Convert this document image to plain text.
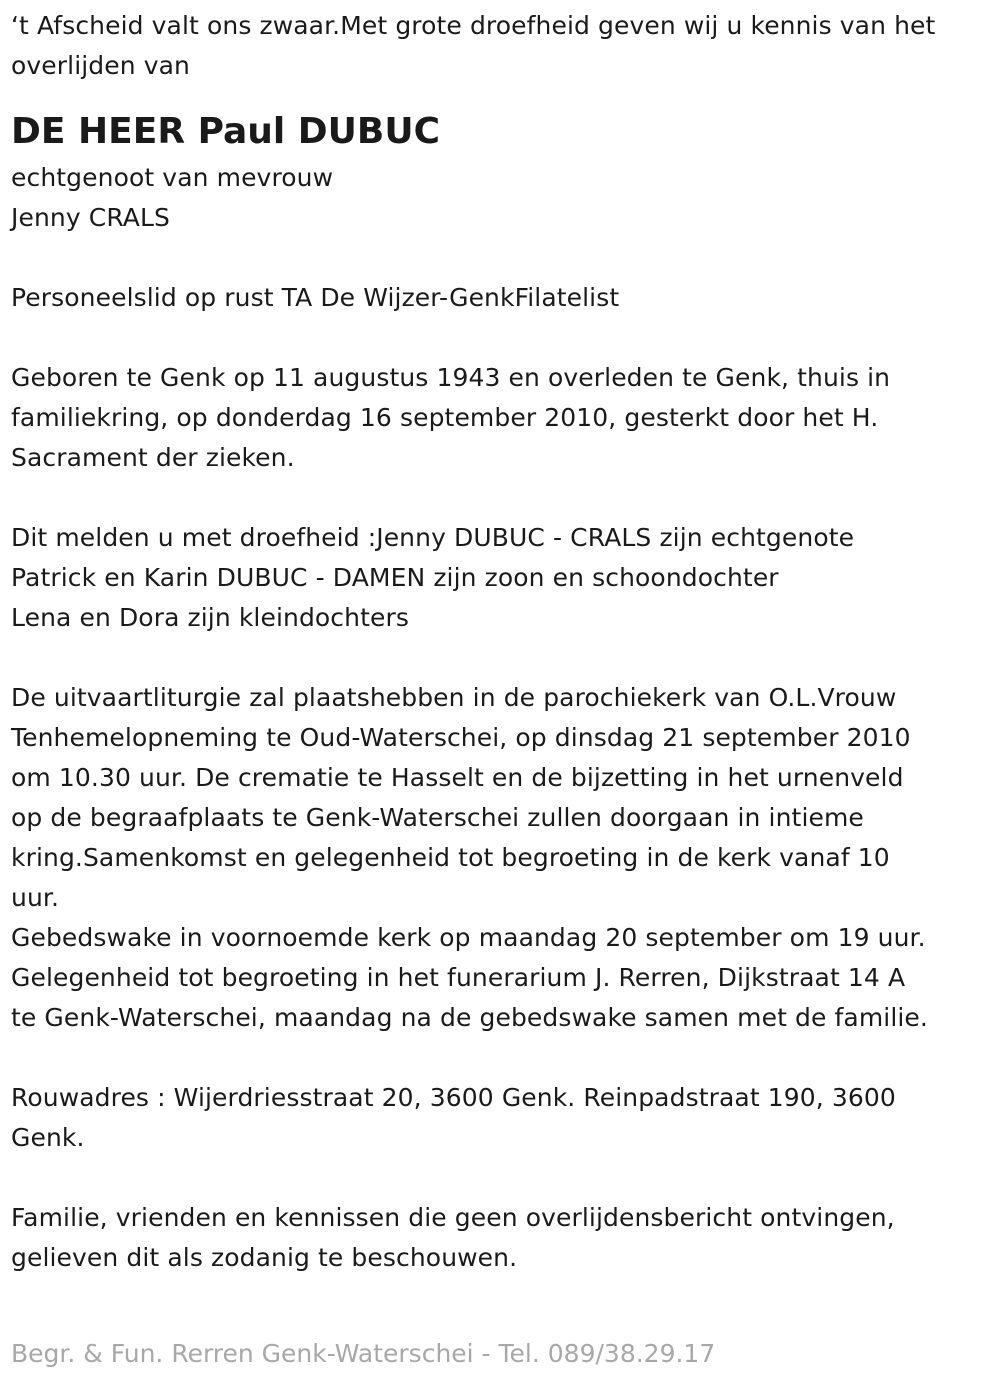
‘t Afscheid valt ons zwaar.Met grote droefheid geven wij u kennis van het
overlijden van
DE HEER Paul DUBUC
echtgenoot van mevrouw
Jenny CRALS
Personeelslid op rust TA De Wijzer-GenkFilatelist
Geboren te Genk op 11 augustus 1943 en overleden te Genk, thuis in
familiekring, op donderdag 16 september 2010, gesterkt door het H.
Sacrament der zieken.
Dit melden u met droefheid :Jenny DUBUC - CRALS zijn echtgenote
Patrick en Karin DUBUC - DAMEN zijn zoon en schoondochter
Lena en Dora zijn kleindochters
De uitvaartliturgie zal plaatshebben in de parochiekerk van O.L.Vrouw
Tenhemelopneming te Oud-Waterschei, op dinsdag 21 september 2010
om 10.30 uur. De crematie te Hasselt en de bijzetting in het urnenveld
op de begraafplaats te Genk-Waterschei zullen doorgaan in intieme
kring.Samenkomst en gelegenheid tot begroeting in de kerk vanaf 10
uur.
Gebedswake in voornoemde kerk op maandag 20 september om 19 uur.
Gelegenheid tot begroeting in het funerarium J. Rerren, Dijkstraat 14 A
te Genk-Waterschei, maandag na de gebedswake samen met de familie.
Rouwadres : Wijerdriesstraat 20, 3600 Genk. Reinpadstraat 190, 3600
Genk.
Familie, vrienden en kennissen die geen overlijdensbericht ontvingen,
gelieven dit als zodanig te beschouwen.
Begr. & Fun. Rerren Genk-Waterschei - Tel. 089/38.29.17
